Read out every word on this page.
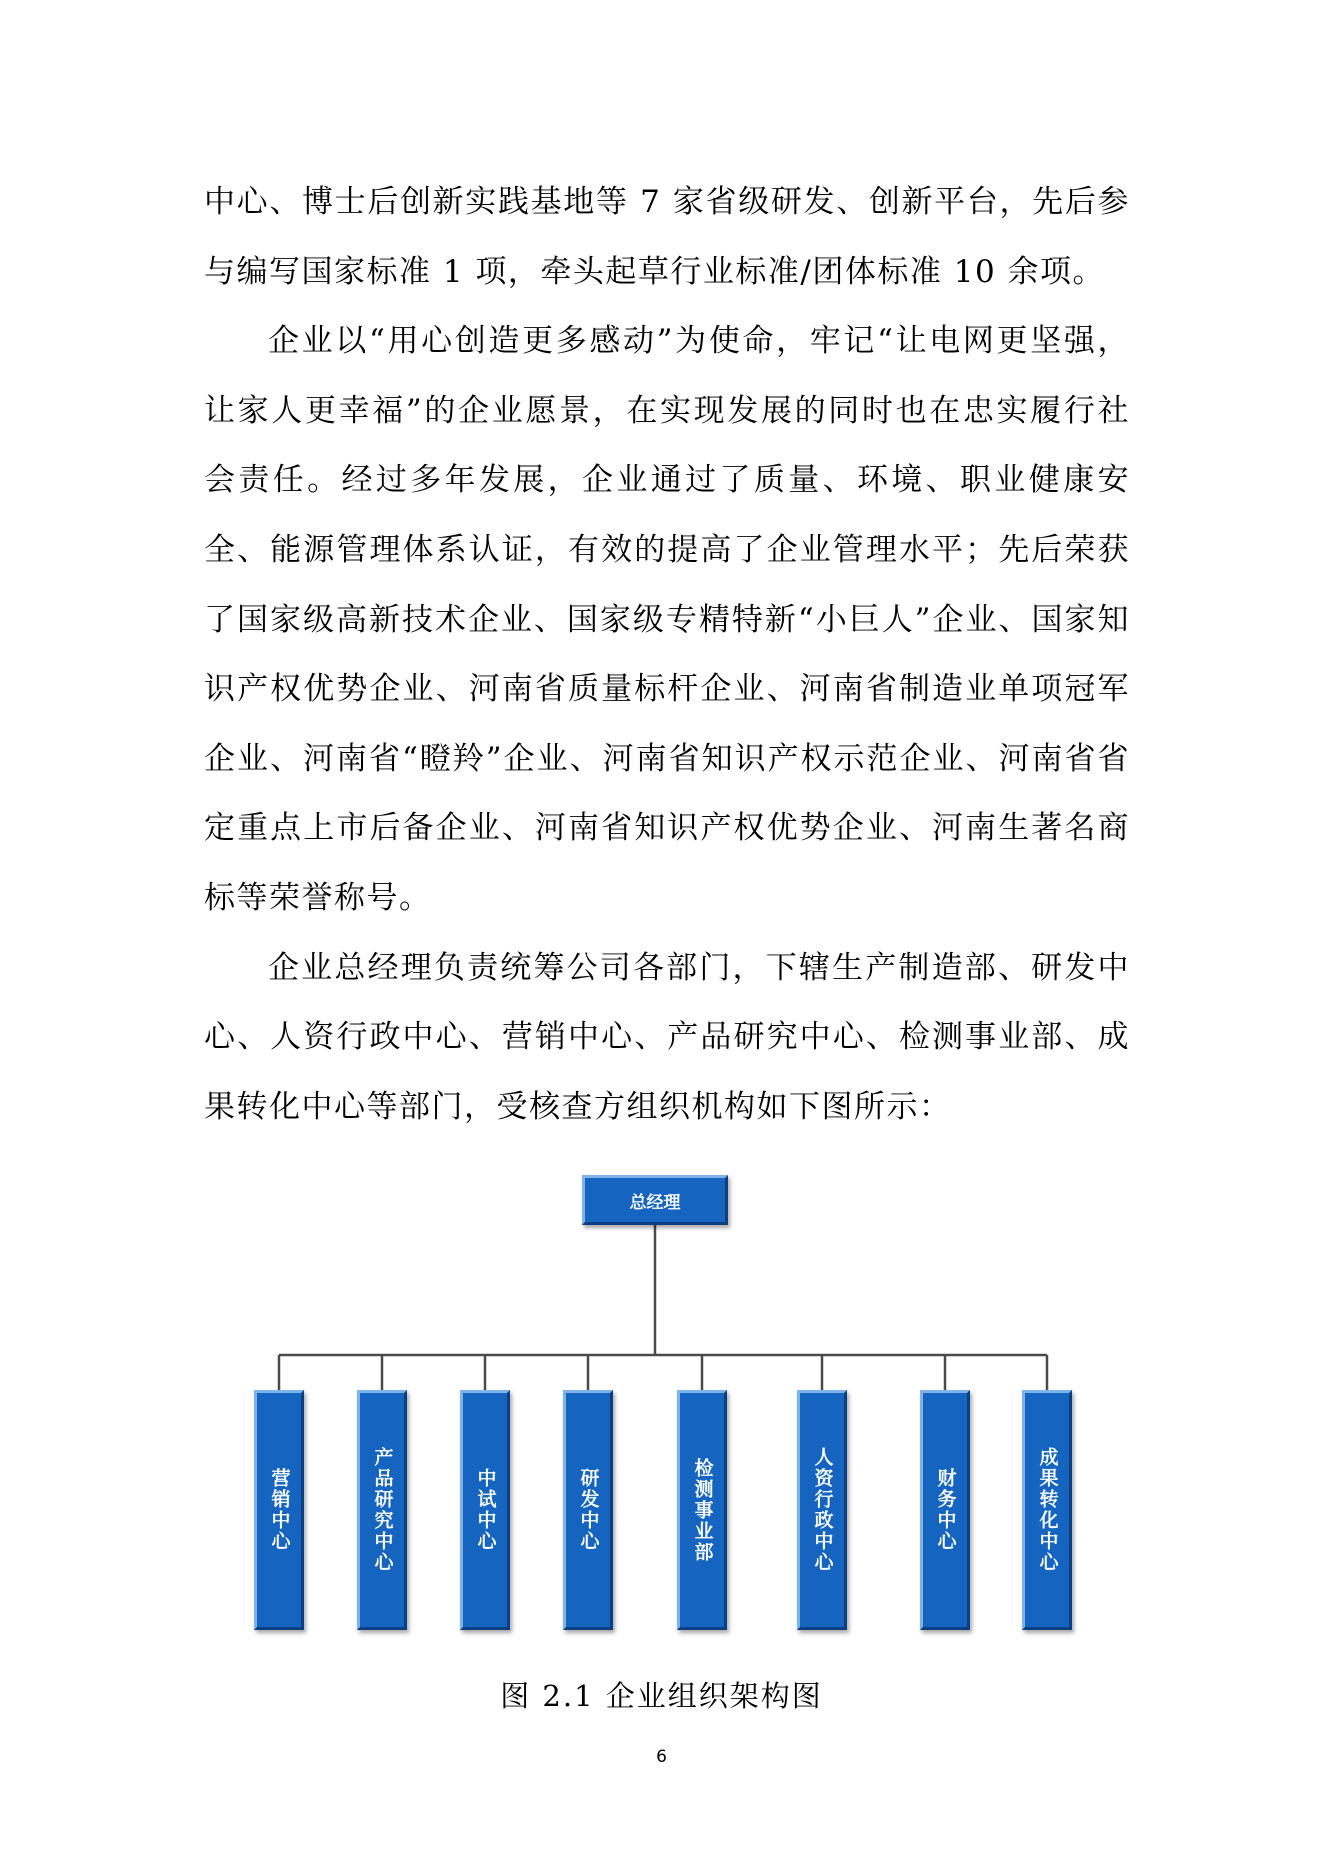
中心、博士后创新实践基地等 7 家省级研发、创新平台，先后参与编写国家标准 1 项，牵头起草行业标准/团体标准 10 余项。

企业以“用心创造更多感动”为使命，牢记“让电网更坚强，让家人更幸福”的企业愿景，在实现发展的同时也在忠实履行社会责任。经过多年发展，企业通过了质量、环境、职业健康安全、能源管理体系认证，有效的提高了企业管理水平；先后荣获了国家级高新技术企业、国家级专精特新“小巨人”企业、国家知识产权优势企业、河南省质量标杆企业、河南省制造业单项冠军企业、河南省“瞪羚”企业、河南省知识产权示范企业、河南省省定重点上市后备企业、河南省知识产权优势企业、河南生著名商标等荣誉称号。

企业总经理负责统筹公司各部门，下辖生产制造部、研发中心、人资行政中心、营销中心、产品研究中心、检测事业部、成果转化中心等部门，受核查方组织机构如下图所示：

总经理
营销中心	产品研究中心	中试中心	研发中心	检测事业部	人资行政中心	财务中心	成果转化中心
图 2.1 企业组织架构图
6
